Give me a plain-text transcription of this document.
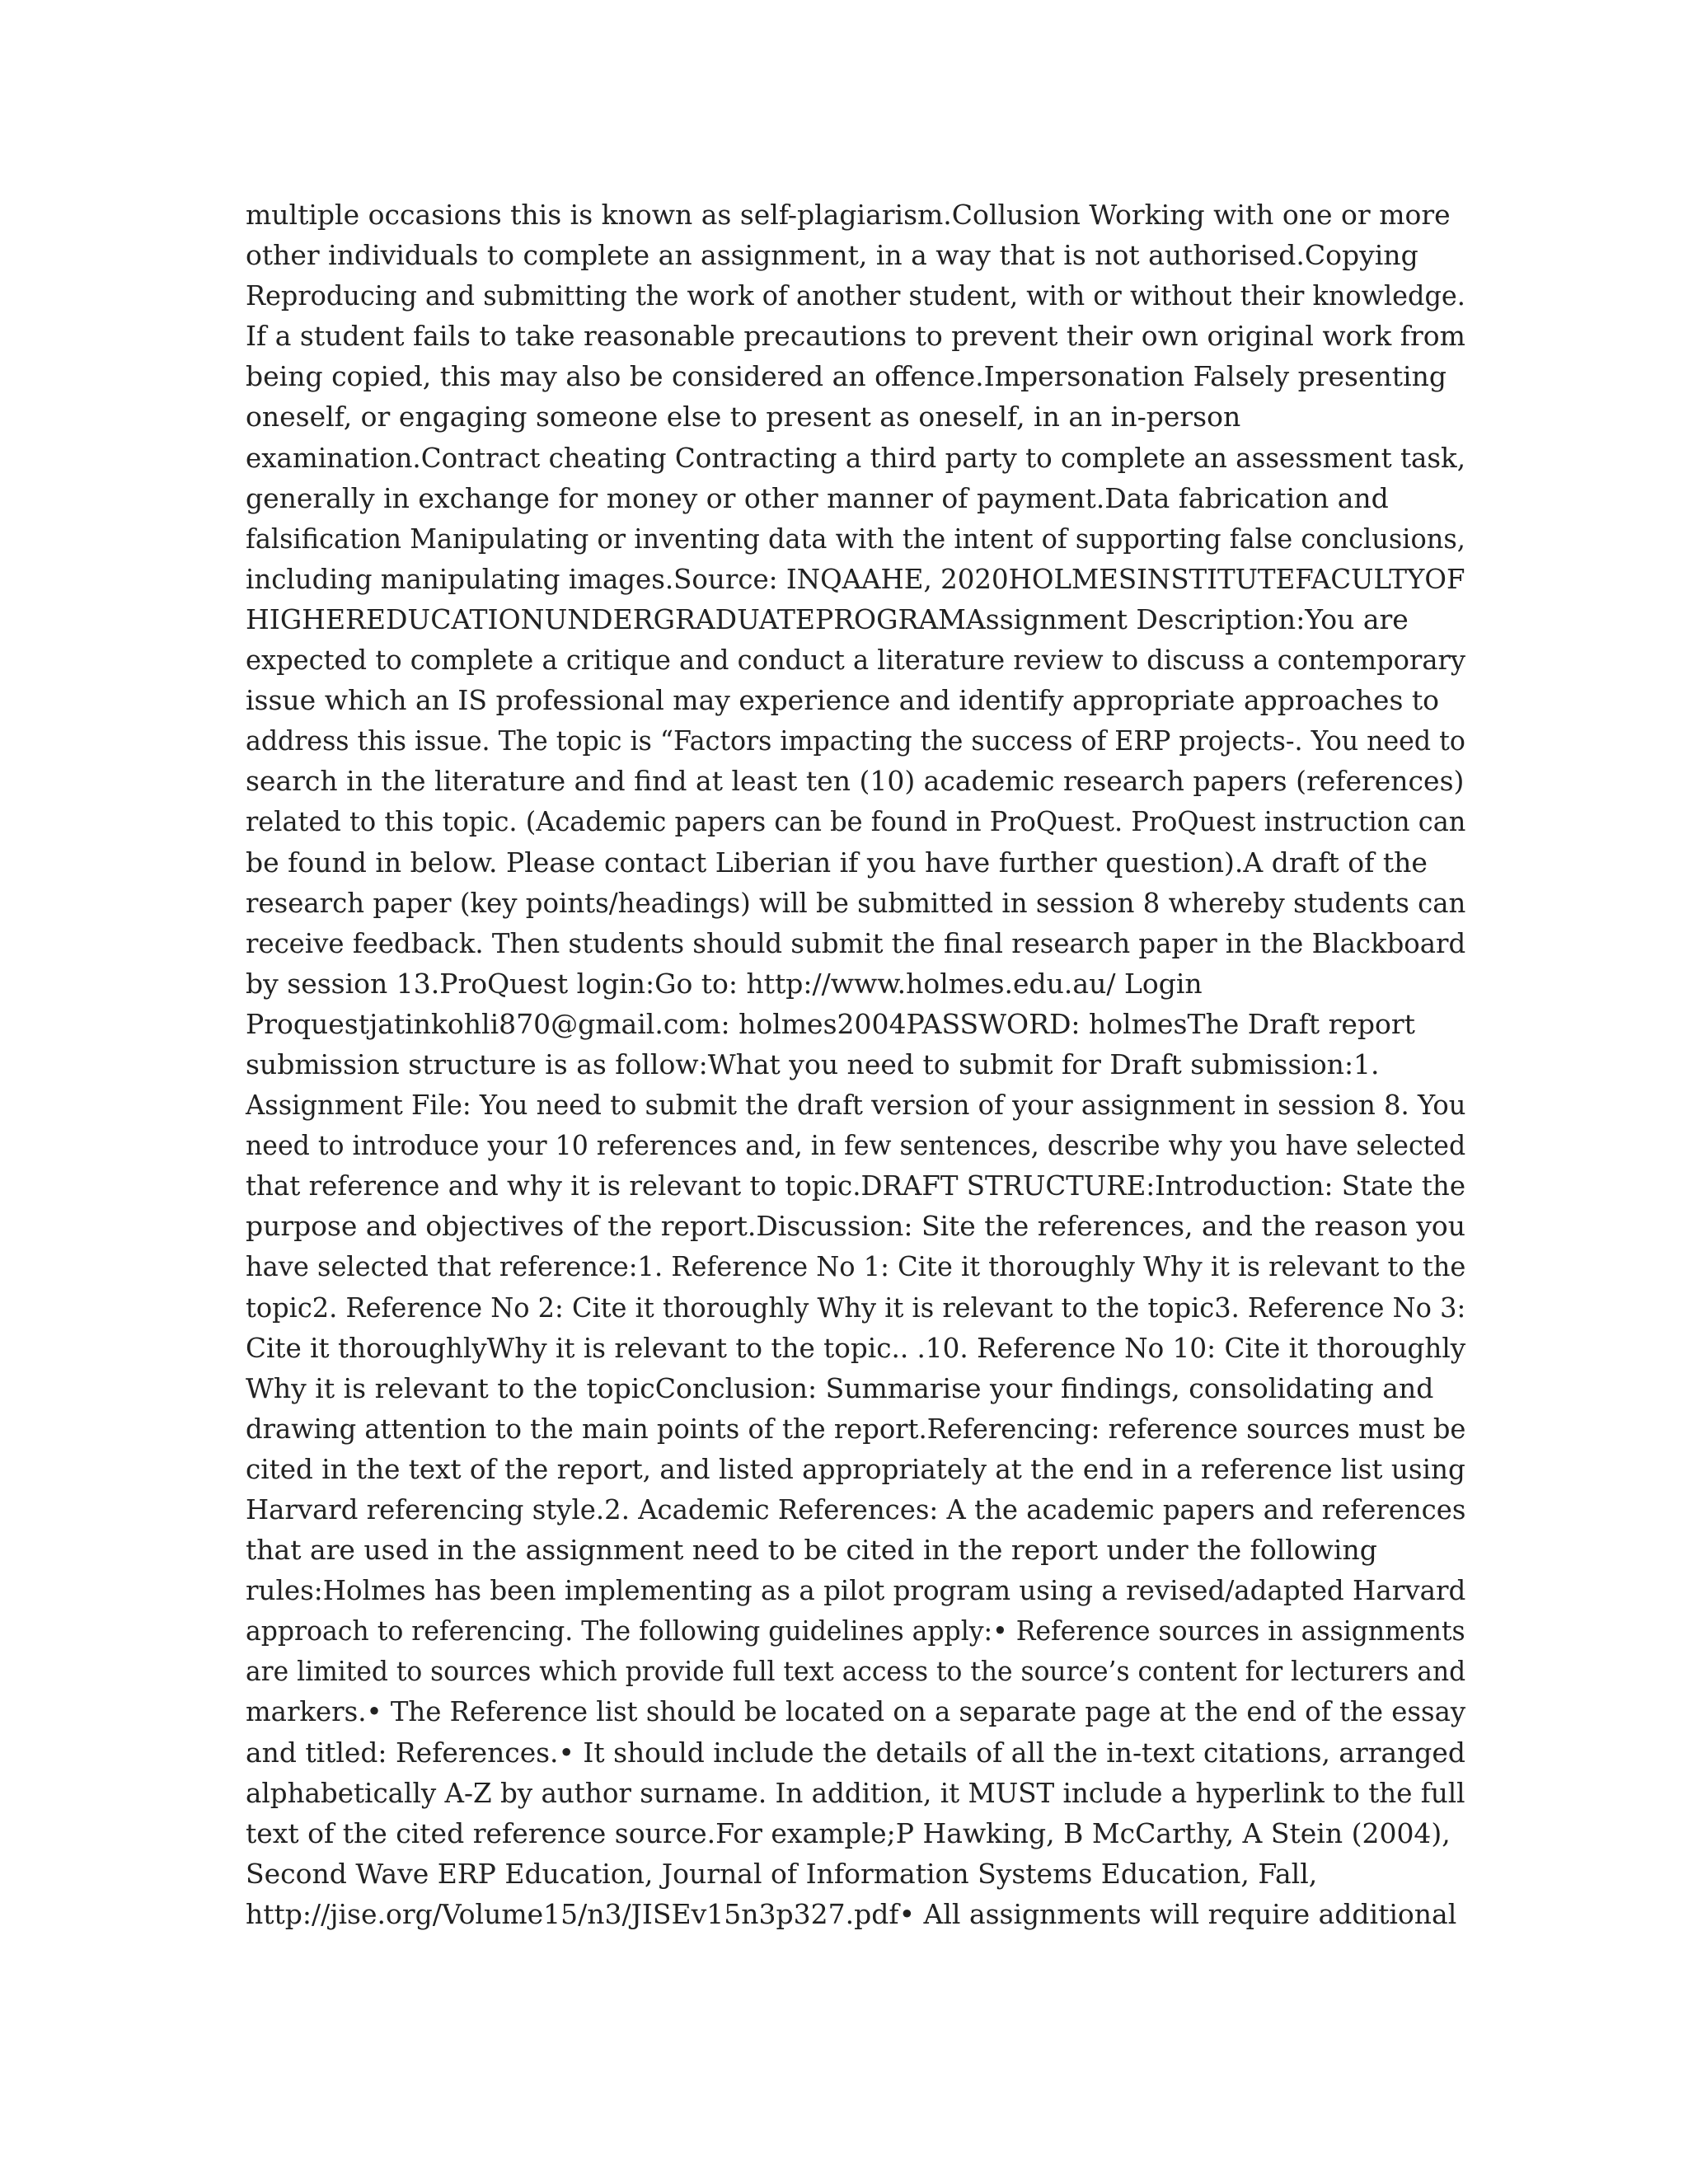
multiple occasions this is known as self-plagiarism.Collusion Working with one or more
other individuals to complete an assignment, in a way that is not authorised.Copying
Reproducing and submitting the work of another student, with or without their knowledge.
If a student fails to take reasonable precautions to prevent their own original work from
being copied, this may also be considered an offence.Impersonation Falsely presenting
oneself, or engaging someone else to present as oneself, in an in-person
examination.Contract cheating Contracting a third party to complete an assessment task,
generally in exchange for money or other manner of payment.Data fabrication and
falsification Manipulating or inventing data with the intent of supporting false conclusions,
including manipulating images.Source: INQAAHE, 2020HOLMESINSTITUTEFACULTYOF
HIGHEREDUCATIONUNDERGRADUATEPROGRAMAssignment Description:You are
expected to complete a critique and conduct a literature review to discuss a contemporary
issue which an IS professional may experience and identify appropriate approaches to
address this issue. The topic is “Factors impacting the success of ERP projects-. You need to
search in the literature and find at least ten (10) academic research papers (references)
related to this topic. (Academic papers can be found in ProQuest. ProQuest instruction can
be found in below. Please contact Liberian if you have further question).A draft of the
research paper (key points/headings) will be submitted in session 8 whereby students can
receive feedback. Then students should submit the final research paper in the Blackboard
by session 13.ProQuest login:Go to: http://www.holmes.edu.au/ Login
Proquestjatinkohli870@gmail.com: holmes2004PASSWORD: holmesThe Draft report
submission structure is as follow:What you need to submit for Draft submission:1.
Assignment File: You need to submit the draft version of your assignment in session 8. You
need to introduce your 10 references and, in few sentences, describe why you have selected
that reference and why it is relevant to topic.DRAFT STRUCTURE:Introduction: State the
purpose and objectives of the report.Discussion: Site the references, and the reason you
have selected that reference:1. Reference No 1: Cite it thoroughly Why it is relevant to the
topic2. Reference No 2: Cite it thoroughly Why it is relevant to the topic3. Reference No 3:
Cite it thoroughlyWhy it is relevant to the topic.. .10. Reference No 10: Cite it thoroughly
Why it is relevant to the topicConclusion: Summarise your findings, consolidating and
drawing attention to the main points of the report.Referencing: reference sources must be
cited in the text of the report, and listed appropriately at the end in a reference list using
Harvard referencing style.2. Academic References: A the academic papers and references
that are used in the assignment need to be cited in the report under the following
rules:Holmes has been implementing as a pilot program using a revised/adapted Harvard
approach to referencing. The following guidelines apply:• Reference sources in assignments
are limited to sources which provide full text access to the source’s content for lecturers and
markers.• The Reference list should be located on a separate page at the end of the essay
and titled: References.• It should include the details of all the in-text citations, arranged
alphabetically A-Z by author surname. In addition, it MUST include a hyperlink to the full
text of the cited reference source.For example;P Hawking, B McCarthy, A Stein (2004),
Second Wave ERP Education, Journal of Information Systems Education, Fall,
http://jise.org/Volume15/n3/JISEv15n3p327.pdf• All assignments will require additional
